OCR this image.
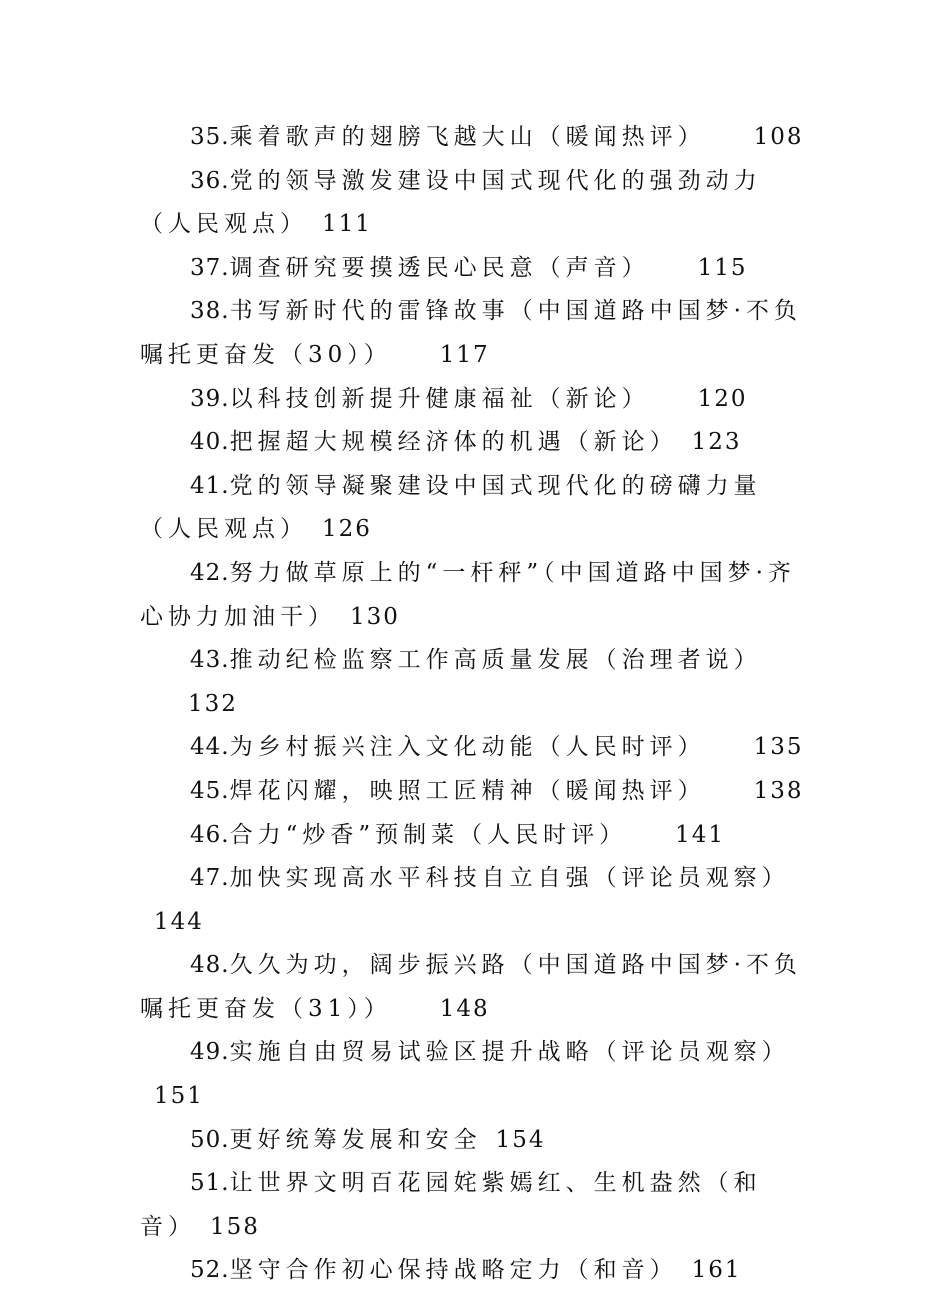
35.乘着歌声的翅膀飞越大山（暖闻热评） 108

36.党的领导激发建设中国式现代化的强劲动力（人民观点） 111

37.调查研究要摸透民心民意（声音） 115

38.书写新时代的雷锋故事（中国道路中国梦·不负嘱托更奋发（30）） 117

39.以科技创新提升健康福祉（新论） 120

40.把握超大规模经济体的机遇（新论） 123

41.党的领导凝聚建设中国式现代化的磅礴力量（人民观点） 126

42.努力做草原上的“一杆秤”（中国道路中国梦·齐心协力加油干） 130

43.推动纪检监察工作高质量发展（治理者说）132

44.为乡村振兴注入文化动能（人民时评） 135

45.焊花闪耀，映照工匠精神（暖闻热评） 138

46.合力“炒香”预制菜（人民时评） 141

47.加快实现高水平科技自立自强（评论员观察）144

48.久久为功，阔步振兴路（中国道路中国梦·不负嘱托更奋发（31）） 148

49.实施自由贸易试验区提升战略（评论员观察）151

50.更好统筹发展和安全 154

51.让世界文明百花园姹紫嫣红、生机盎然（和音） 158

52.坚守合作初心保持战略定力（和音） 161
